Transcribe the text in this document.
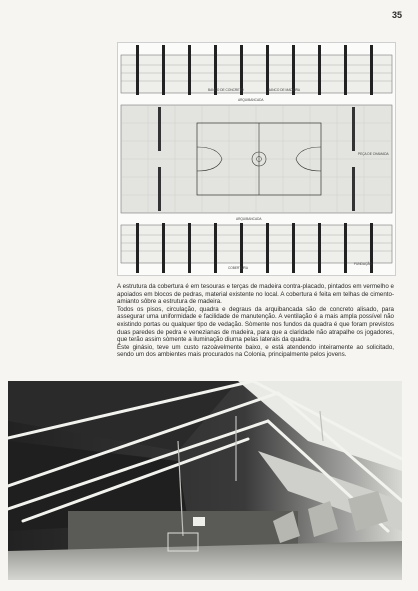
35
BANCO DE CONCRETO	BANCO DE MADEIRA
ARQUIBANCADA
PEÇA DE CHAMADA
ARQUIBANCADA
COBERTURA
FUNDAÇÃO

A estrutura da cobertura é em tesouras e terças de madeira contra-placado, pintados em vermelho e apoiados em blocos de pedras, material existente no local. A cobertura é feita em telhas de cimento-amianto sôbre a estrutura de madeira.

Todos os pisos, circulação, quadra e degraus da arquibancada são de concreto alisado, para assegurar uma uniformidade e facilidade de manutenção. A ventilação é a mais ampla possível não existindo portas ou qualquer tipo de vedação. Sòmente nos fundos da quadra é que foram previstos duas paredes de pedra e venezianas de madeira, para que a claridade não atrapalhe os jogadores, que terão assim sòmente a iluminação diurna pelas laterais da quadra.

Êste ginásio, teve um custo razoàvelmente baixo, e está atendendo inteiramente ao solicitado, sendo um dos ambientes mais procurados na Colonia, principalmente pelos jovens.
